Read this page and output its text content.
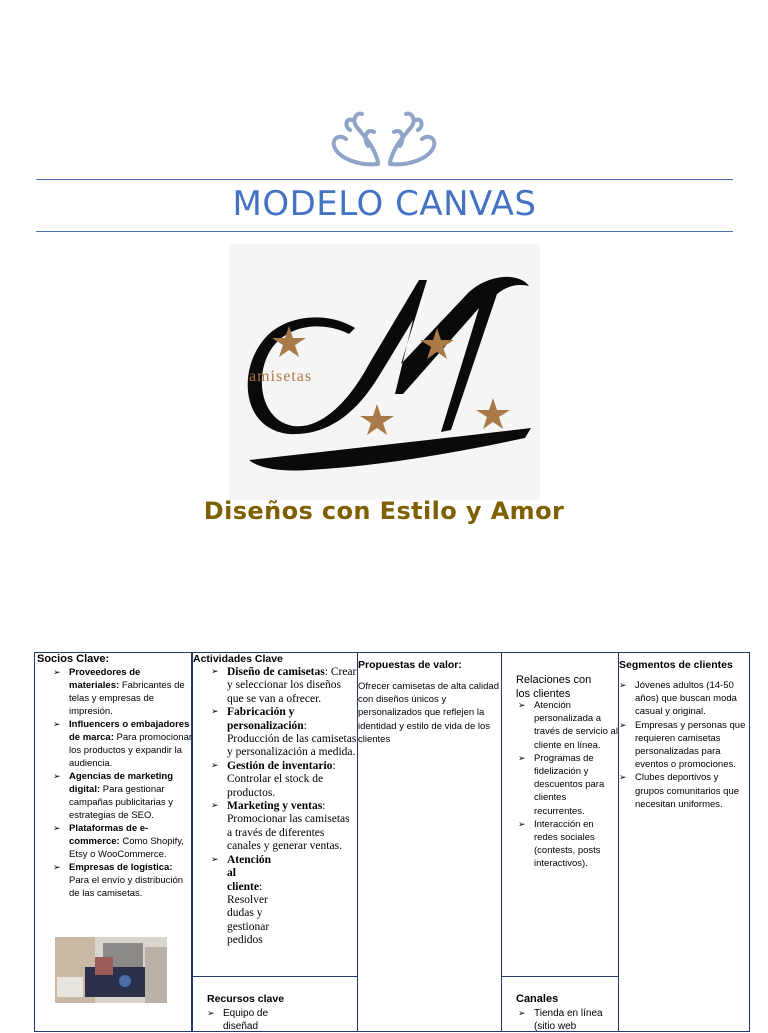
MODELO CANVAS
amisetas
Diseños con Estilo y Amor
Socios Clave:
➢ Proveedores de materiales: Fabricantes de telas y empresas de impresión.
➢ Influencers o embajadores de marca: Para promocionar los productos y expandir la audiencia.
➢ Agencias de marketing digital: Para gestionar campañas publicitarias y estrategias de SEO.
➢ Plataformas de e-commerce: Como Shopify, Etsy o WooCommerce.
➢ Empresas de logística: Para el envío y distribución de las camisetas.
Actividades Clave
➢ Diseño de camisetas: Crear y seleccionar los diseños que se van a ofrecer.
➢ Fabricación y personalización: Producción de las camisetas y personalización a medida.
➢ Gestión de inventario: Controlar el stock de productos.
➢ Marketing y ventas: Promocionar las camisetas a través de diferentes canales y generar ventas.
➢ Atención al cliente: Resolver dudas y gestionar pedidos
Recursos clave
➢ Equipo de diseñad
Propuestas de valor:
Ofrecer camisetas de alta calidad con diseños únicos y personalizados que reflejen la identidad y estilo de vida de los clientes
Relaciones con los clientes
➢ Atención personalizada a través de servicio al cliente en línea.
➢ Programas de fidelización y descuentos para clientes recurrentes.
➢ Interacción en redes sociales (contests, posts interactivos).
Canales
➢ Tienda en línea (sitio web
Segmentos de clientes
➢ Jóvenes adultos (14-50 años) que buscan moda casual y original.
➢ Empresas y personas que requieren camisetas personalizadas para eventos o promociones.
➢ Clubes deportivos y grupos comunitarios que necesitan uniformes.
